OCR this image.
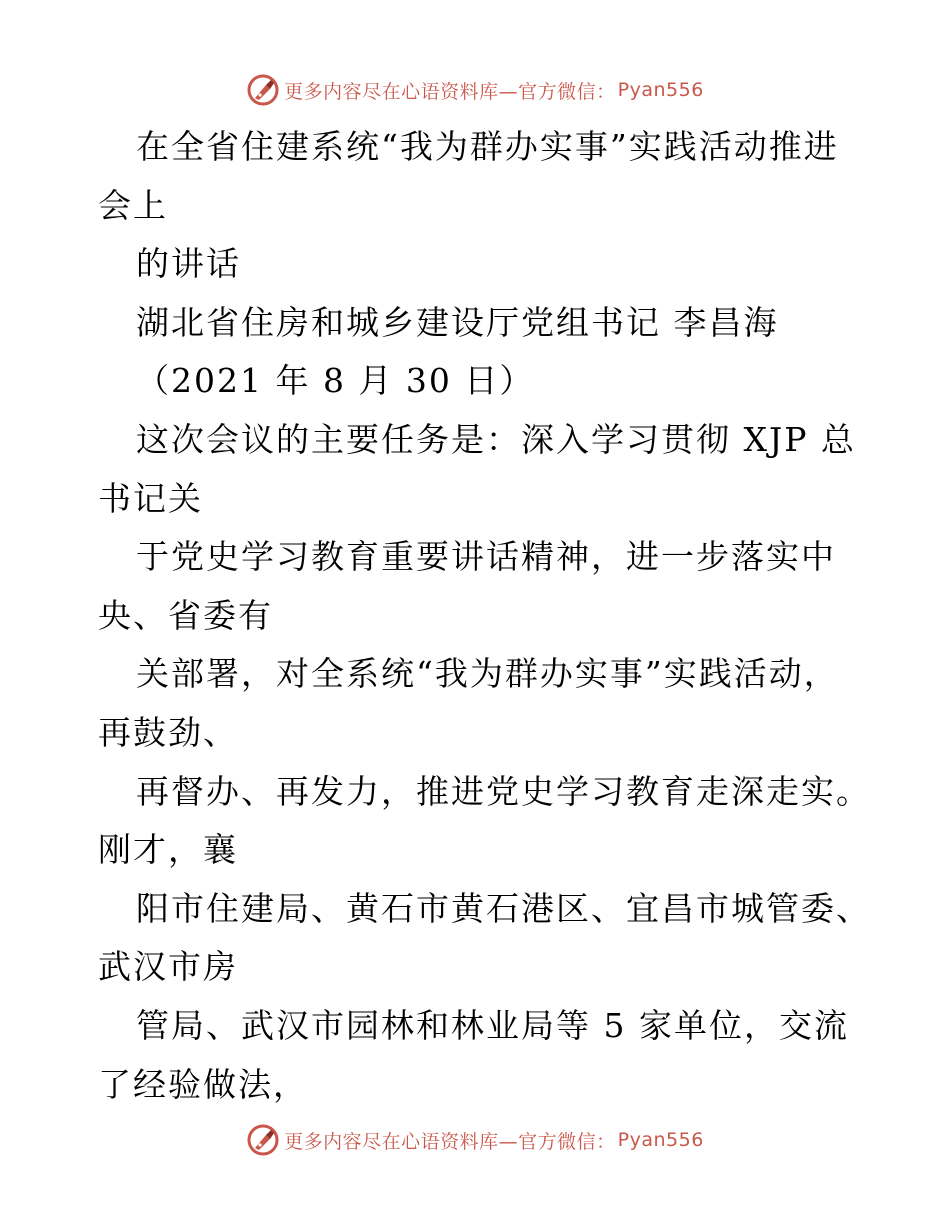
更多内容尽在心语资料库—官方微信： Pyan556
在全省住建系统“我为群办实事”实践活动推进
会上
的讲话
湖北省住房和城乡建设厅党组书记 李昌海
（2021 年 8 月 30 日）
这次会议的主要任务是：深入学习贯彻 XJP 总
书记关
于党史学习教育重要讲话精神，进一步落实中
央、省委有
关部署，对全系统“我为群办实事”实践活动，
再鼓劲、
再督办、再发力，推进党史学习教育走深走实。
刚才，襄
阳市住建局、黄石市黄石港区、宜昌市城管委、
武汉市房
管局、武汉市园林和林业局等 5 家单位，交流
了经验做法，
更多内容尽在心语资料库—官方微信： Pyan556
